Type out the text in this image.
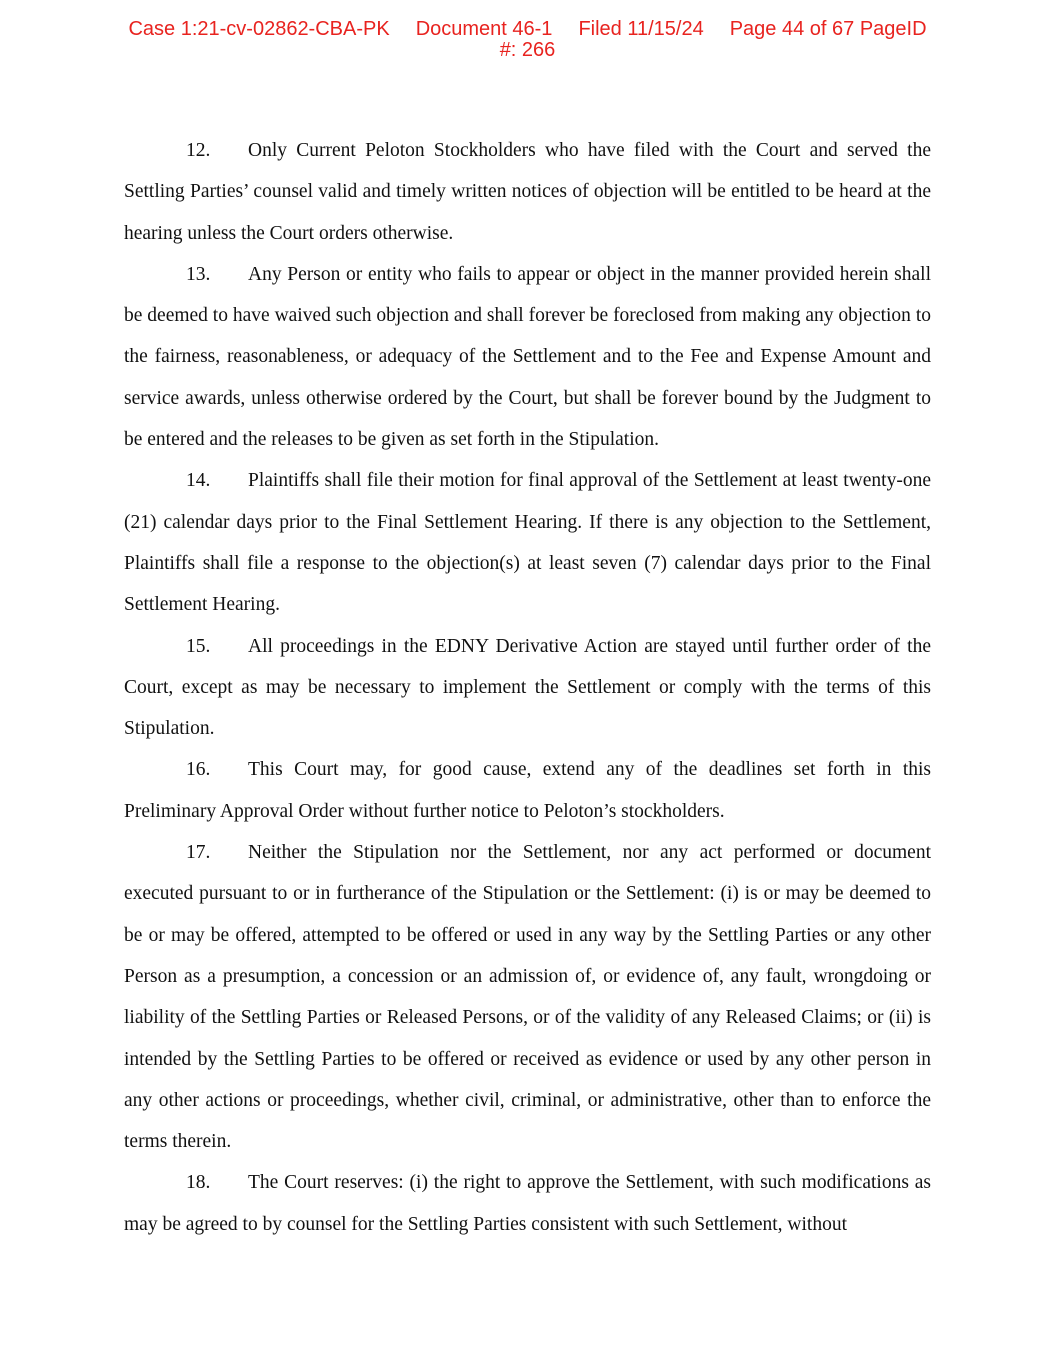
Case 1:21-cv-02862-CBA-PK Document 46-1 Filed 11/15/24 Page 44 of 67 PageID
#: 266

12. Only Current Peloton Stockholders who have filed with the Court and served the Settling Parties’ counsel valid and timely written notices of objection will be entitled to be heard at the hearing unless the Court orders otherwise.

13. Any Person or entity who fails to appear or object in the manner provided herein shall be deemed to have waived such objection and shall forever be foreclosed from making any objection to the fairness, reasonableness, or adequacy of the Settlement and to the Fee and Expense Amount and service awards, unless otherwise ordered by the Court, but shall be forever bound by the Judgment to be entered and the releases to be given as set forth in the Stipulation.

14. Plaintiffs shall file their motion for final approval of the Settlement at least twenty-one (21) calendar days prior to the Final Settlement Hearing. If there is any objection to the Settlement, Plaintiffs shall file a response to the objection(s) at least seven (7) calendar days prior to the Final Settlement Hearing.

15. All proceedings in the EDNY Derivative Action are stayed until further order of the Court, except as may be necessary to implement the Settlement or comply with the terms of this Stipulation.

16. This Court may, for good cause, extend any of the deadlines set forth in this Preliminary Approval Order without further notice to Peloton’s stockholders.

17. Neither the Stipulation nor the Settlement, nor any act performed or document executed pursuant to or in furtherance of the Stipulation or the Settlement: (i) is or may be deemed to be or may be offered, attempted to be offered or used in any way by the Settling Parties or any other Person as a presumption, a concession or an admission of, or evidence of, any fault, wrongdoing or liability of the Settling Parties or Released Persons, or of the validity of any Released Claims; or (ii) is intended by the Settling Parties to be offered or received as evidence or used by any other person in any other actions or proceedings, whether civil, criminal, or administrative, other than to enforce the terms therein.

18. The Court reserves: (i) the right to approve the Settlement, with such modifications as may be agreed to by counsel for the Settling Parties consistent with such Settlement, without
